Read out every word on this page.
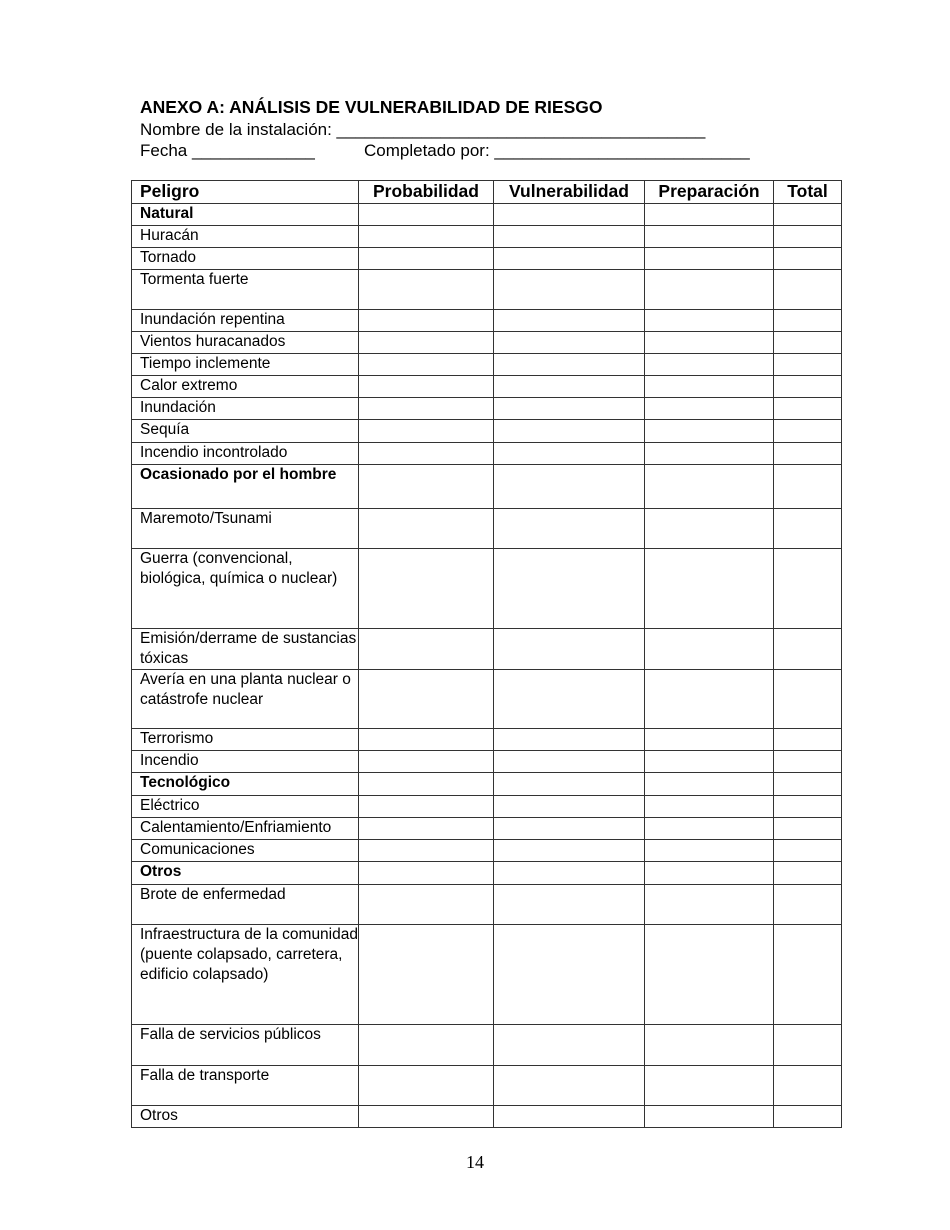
ANEXO A: ANÁLISIS DE VULNERABILIDAD DE RIESGO
Nombre de la instalación: _______________________________________
Fecha _____________	Completado por: ___________________________
Peligro	Probabilidad	Vulnerabilidad	Preparación	Total
Natural				
Huracán				
Tornado				
Tormenta fuerte				
Inundación repentina				
Vientos huracanados				
Tiempo inclemente				
Calor extremo				
Inundación				
Sequía				
Incendio incontrolado				
Ocasionado por el hombre				
Maremoto/Tsunami				
Guerra (convencional, biológica, química o nuclear)				
Emisión/derrame de sustancias tóxicas				
Avería en una planta nuclear o catástrofe nuclear				
Terrorismo				
Incendio				
Tecnológico				
Eléctrico				
Calentamiento/Enfriamiento				
Comunicaciones				
Otros				
Brote de enfermedad				
Infraestructura de la comunidad (puente colapsado, carretera, edificio colapsado)				
Falla de servicios públicos				
Falla de transporte				
Otros				
14
